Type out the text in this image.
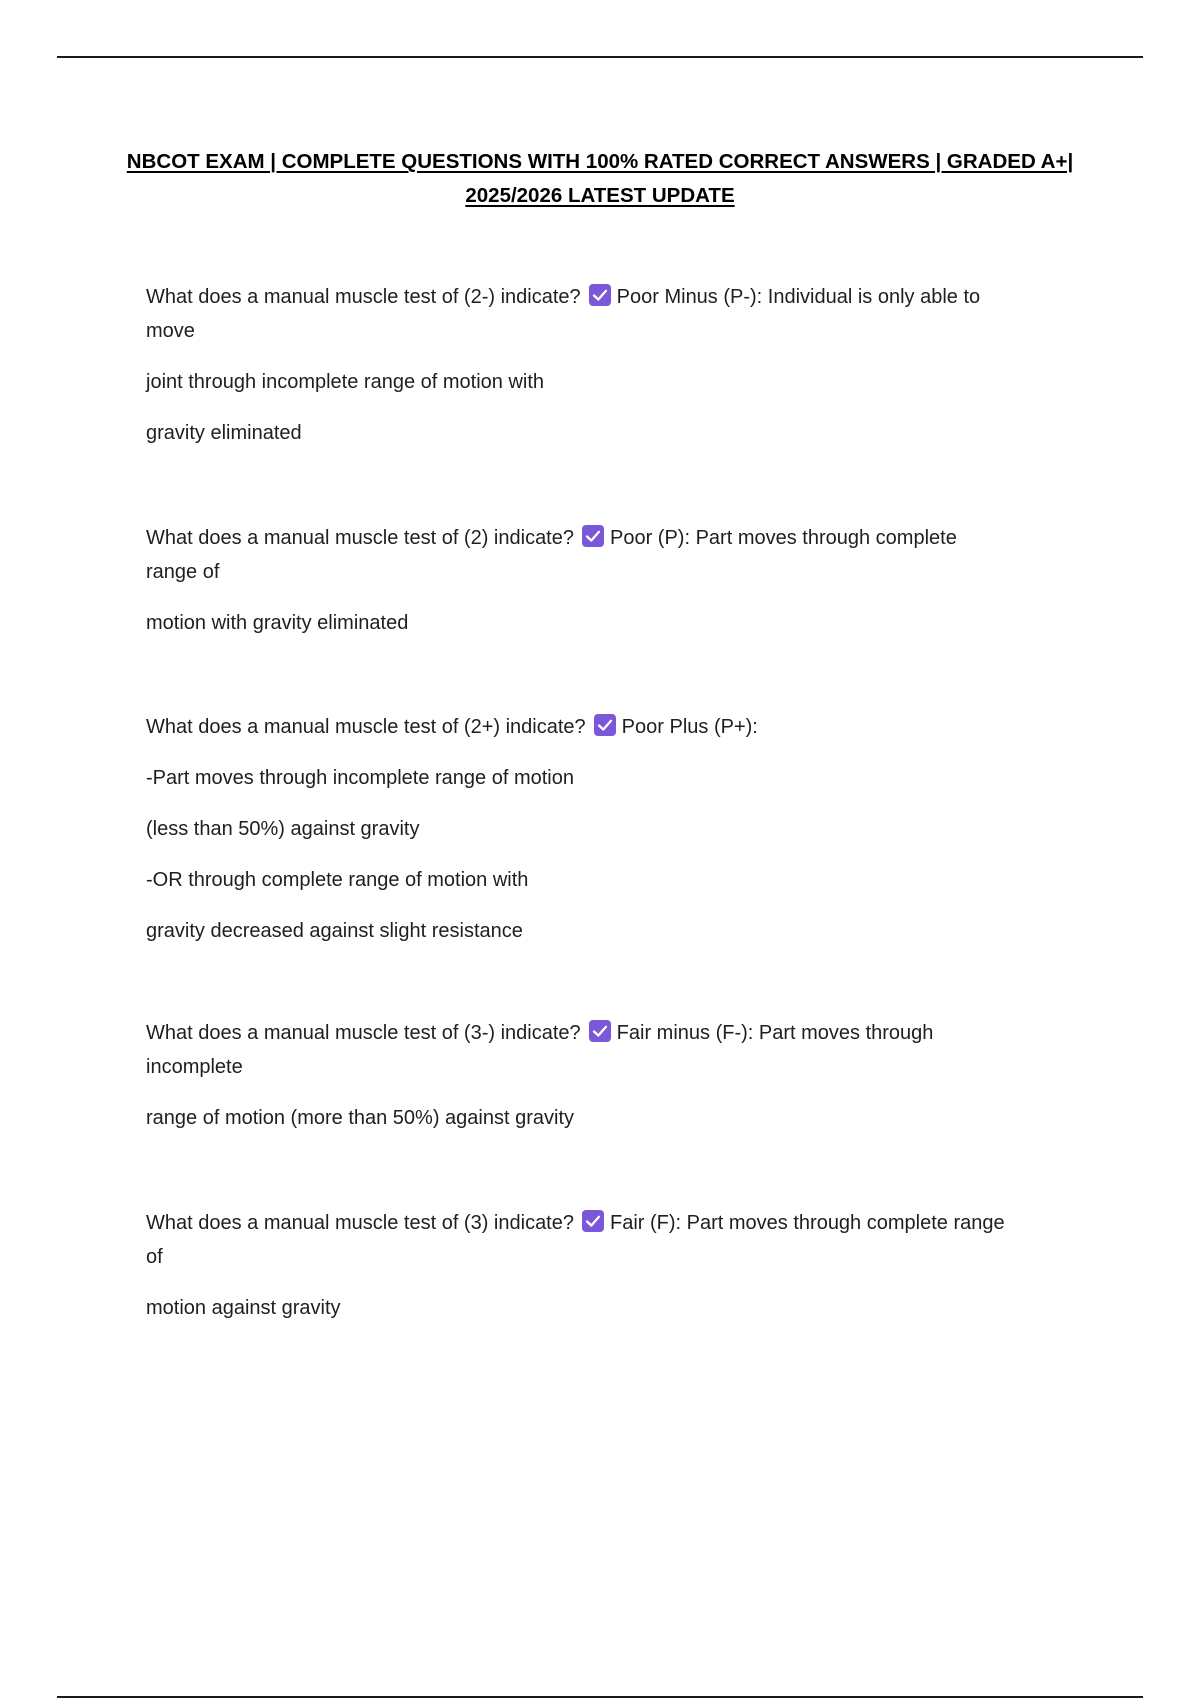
NBCOT EXAM | COMPLETE QUESTIONS WITH 100% RATED CORRECT ANSWERS | GRADED A+|
2025/2026 LATEST UPDATE
What does a manual muscle test of (2-) indicate? Poor Minus (P-): Individual is only able to
move
joint through incomplete range of motion with
gravity eliminated
What does a manual muscle test of (2) indicate? Poor (P): Part moves through complete
range of
motion with gravity eliminated
What does a manual muscle test of (2+) indicate? Poor Plus (P+):
-Part moves through incomplete range of motion
(less than 50%) against gravity
-OR through complete range of motion with
gravity decreased against slight resistance
What does a manual muscle test of (3-) indicate? Fair minus (F-): Part moves through
incomplete
range of motion (more than 50%) against gravity
What does a manual muscle test of (3) indicate? Fair (F): Part moves through complete range
of
motion against gravity
